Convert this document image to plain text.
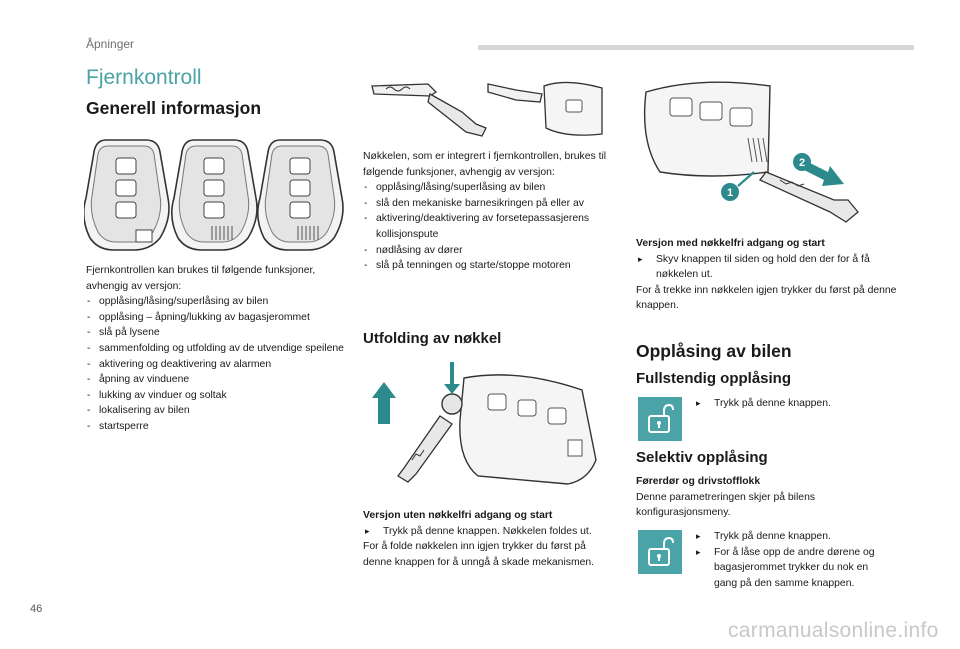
Åpninger
Fjernkontroll
Generell informasjon

Fjernkontrollen kan brukes til følgende funksjoner, avhengig av versjon:

- opplåsing/låsing/superlåsing av bilen
- opplåsing – åpning/lukking av bagasjerommet
- slå på lysene
- sammenfolding og utfolding av de utvendige speilene
- aktivering og deaktivering av alarmen
- åpning av vinduene
- lukking av vinduer og soltak
- lokalisering av bilen
- startsperre

Nøkkelen, som er integrert i fjernkontrollen, brukes til følgende funksjoner, avhengig av versjon:

- opplåsing/låsing/superlåsing av bilen
- slå den mekaniske barnesikringen på eller av
- aktivering/deaktivering av forsetepassasjerens kollisjonspute
- nødlåsing av dører
- slå på tenningen og starte/stoppe motoren
Utfolding av nøkkel
Versjon uten nøkkelfri adgang og start
▸ Trykk på denne knappen. Nøkkelen foldes ut.

For å folde nøkkelen inn igjen trykker du først på denne knappen for å unngå å skade mekanismen.

1
2
Versjon med nøkkelfri adgang og start
▸ Skyv knappen til siden og hold den der for å få nøkkelen ut.

For å trekke inn nøkkelen igjen trykker du først på denne knappen.

Opplåsing av bilen
Fullstendig opplåsing
▸ Trykk på denne knappen.
Selektiv opplåsing
Førerdør og drivstofflokk

Denne parametreringen skjer på bilens konfigurasjonsmeny.

▸ Trykk på denne knappen.
▸ For å låse opp de andre dørene og bagasjerommet trykker du nok en gang på den samme knappen.
46
carmanualsonline.info
